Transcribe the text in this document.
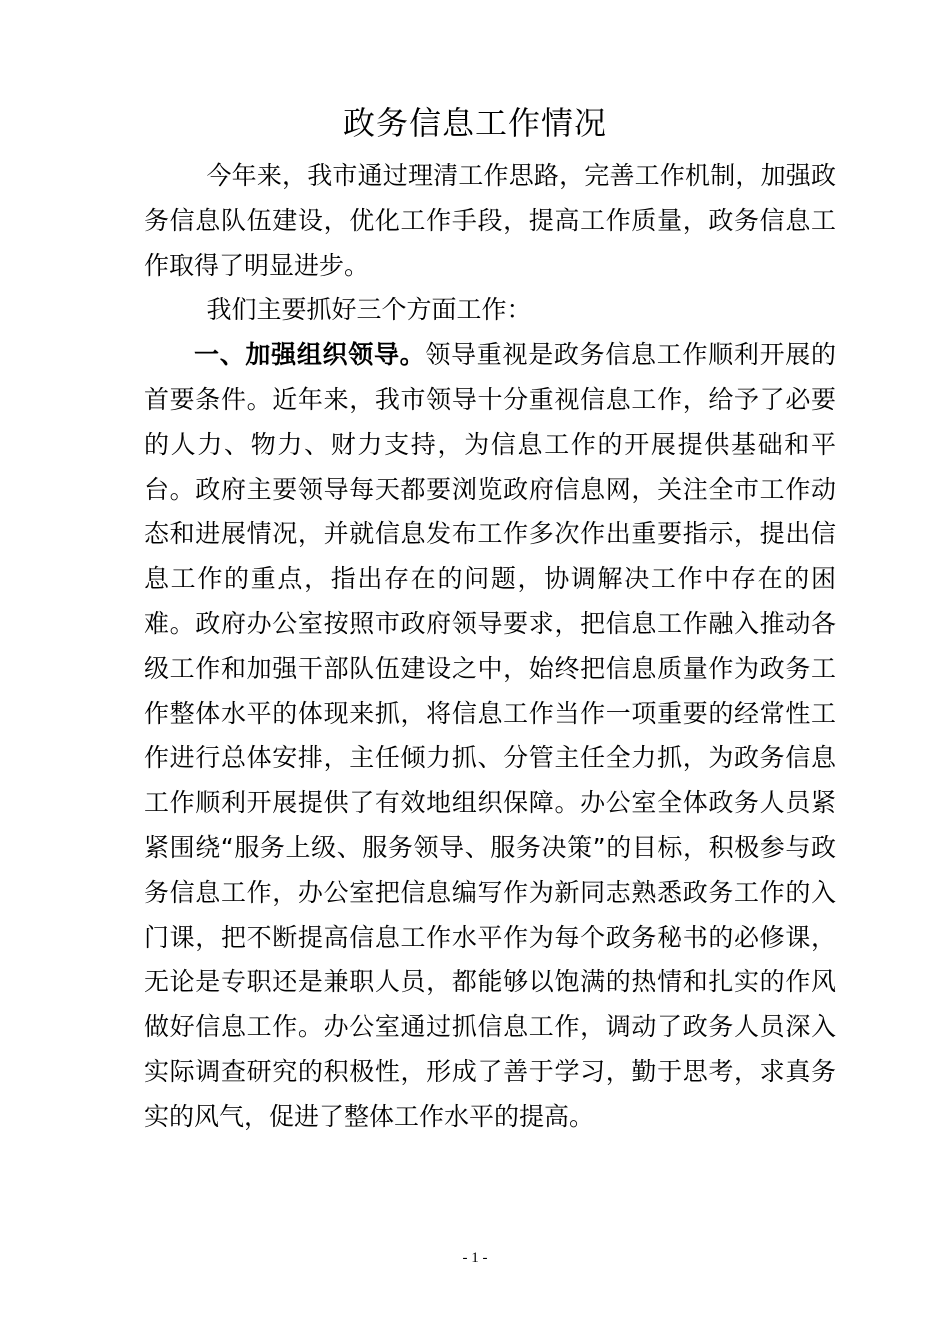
政务信息工作情况

今年来，我市通过理清工作思路，完善工作机制，加强政务信息队伍建设，优化工作手段，提高工作质量，政务信息工作取得了明显进步。

我们主要抓好三个方面工作：

一、加强组织领导。领导重视是政务信息工作顺利开展的首要条件。近年来，我市领导十分重视信息工作，给予了必要的人力、物力、财力支持，为信息工作的开展提供基础和平台。政府主要领导每天都要浏览政府信息网，关注全市工作动态和进展情况，并就信息发布工作多次作出重要指示，提出信息工作的重点，指出存在的问题，协调解决工作中存在的困难。政府办公室按照市政府领导要求，把信息工作融入推动各级工作和加强干部队伍建设之中，始终把信息质量作为政务工作整体水平的体现来抓，将信息工作当作一项重要的经常性工作进行总体安排，主任倾力抓、分管主任全力抓，为政务信息工作顺利开展提供了有效地组织保障。办公室全体政务人员紧紧围绕“服务上级、服务领导、服务决策”的目标，积极参与政务信息工作，办公室把信息编写作为新同志熟悉政务工作的入门课，把不断提高信息工作水平作为每个政务秘书的必修课，无论是专职还是兼职人员，都能够以饱满的热情和扎实的作风做好信息工作。办公室通过抓信息工作，调动了政务人员深入实际调查研究的积极性，形成了善于学习，勤于思考，求真务实的风气，促进了整体工作水平的提高。

- 1 -
